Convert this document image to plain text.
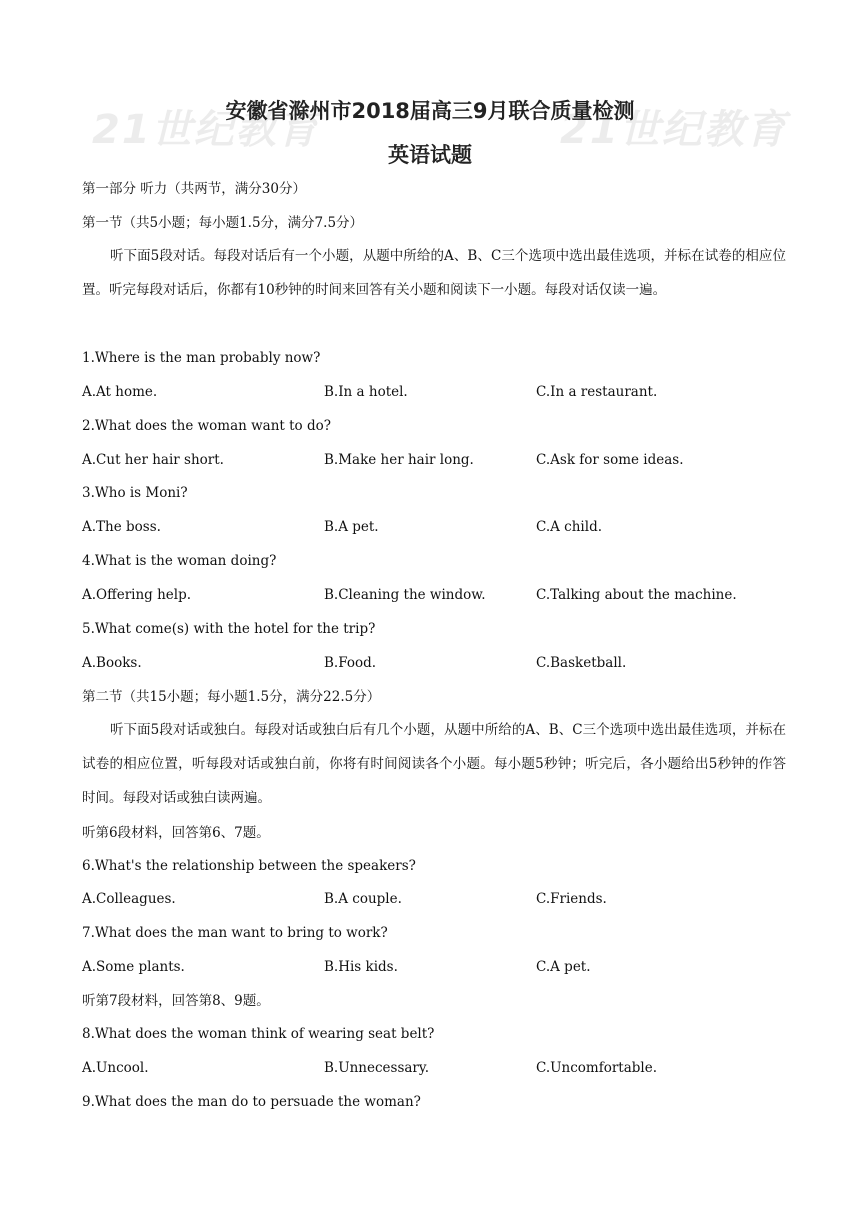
21世纪教育	21世纪教育
安徽省滁州市2018届高三9月联合质量检测
英语试题
第一部分 听力（共两节，满分30分）
第一节（共5小题；每小题1.5分，满分7.5分）
听下面5段对话。每段对话后有一个小题，从题中所给的A、B、C三个选项中选出最佳选项，并标在试卷的相应位置。听完每段对话后，你都有10秒钟的时间来回答有关小题和阅读下一小题。每段对话仅读一遍。
1.Where is the man probably now?
A.At home.	B.In a hotel.	C.In a restaurant.
2.What does the woman want to do?
A.Cut her hair short.	B.Make her hair long.	C.Ask for some ideas.
3.Who is Moni?
A.The boss.	B.A pet.	C.A child.
4.What is the woman doing?
A.Offering help.	B.Cleaning the window.	C.Talking about the machine.
5.What come(s) with the hotel for the trip?
A.Books.	B.Food.	C.Basketball.
第二节（共15小题；每小题1.5分，满分22.5分）
听下面5段对话或独白。每段对话或独白后有几个小题，从题中所给的A、B、C三个选项中选出最佳选项，并标在试卷的相应位置，听每段对话或独白前，你将有时间阅读各个小题。每小题5秒钟；听完后，各小题给出5秒钟的作答时间。每段对话或独白读两遍。
听第6段材料，回答第6、7题。
6.What's the relationship between the speakers?
A.Colleagues.	B.A couple.	C.Friends.
7.What does the man want to bring to work?
A.Some plants.	B.His kids.	C.A pet.
听第7段材料，回答第8、9题。
8.What does the woman think of wearing seat belt?
A.Uncool.	B.Unnecessary.	C.Uncomfortable.
9.What does the man do to persuade the woman?
